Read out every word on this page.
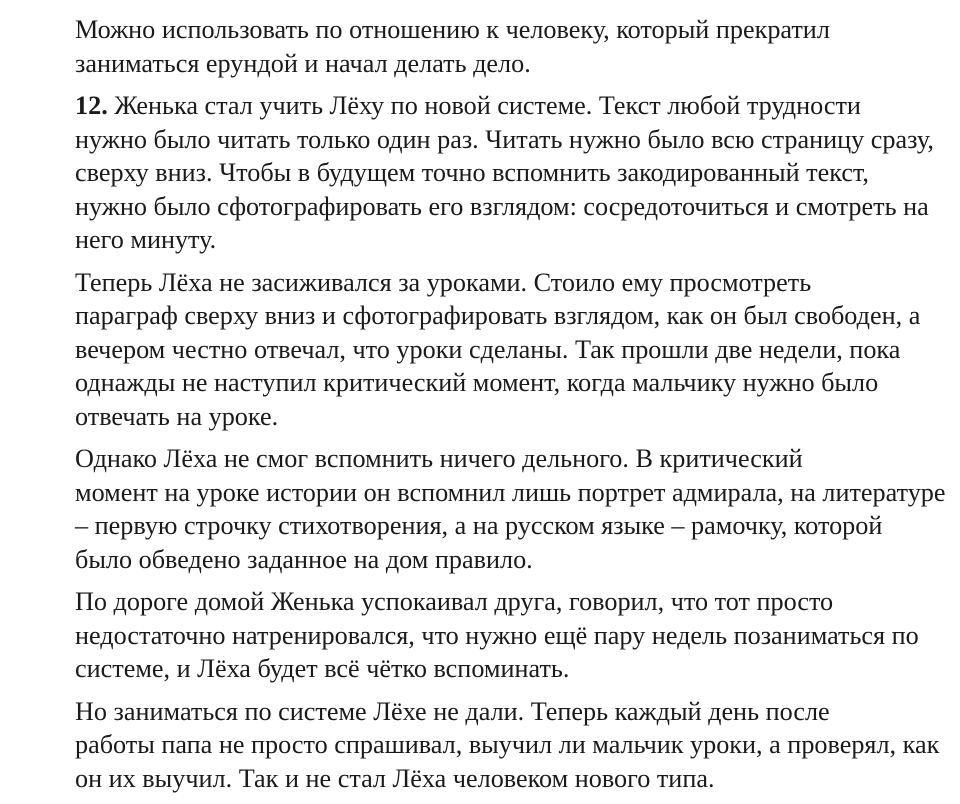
Можно использовать по отношению к человеку, который прекратил
заниматься ерундой и начал делать дело.

12. Женька стал учить Лёху по новой системе. Текст любой трудности
нужно было читать только один раз. Читать нужно было всю страницу сразу,
сверху вниз. Чтобы в будущем точно вспомнить закодированный текст,
нужно было сфотографировать его взглядом: сосредоточиться и смотреть на
него минуту.

Теперь Лёха не засиживался за уроками. Стоило ему просмотреть
параграф сверху вниз и сфотографировать взглядом, как он был свободен, а
вечером честно отвечал, что уроки сделаны. Так прошли две недели, пока
однажды не наступил критический момент, когда мальчику нужно было
отвечать на уроке.

Однако Лёха не смог вспомнить ничего дельного. В критический
момент на уроке истории он вспомнил лишь портрет адмирала, на литературе
– первую строчку стихотворения, а на русском языке – рамочку, которой
было обведено заданное на дом правило.

По дороге домой Женька успокаивал друга, говорил, что тот просто
недостаточно натренировался, что нужно ещё пару недель позаниматься по
системе, и Лёха будет всё чётко вспоминать.

Но заниматься по системе Лёхе не дали. Теперь каждый день после
работы папа не просто спрашивал, выучил ли мальчик уроки, а проверял, как
он их выучил. Так и не стал Лёха человеком нового типа.
